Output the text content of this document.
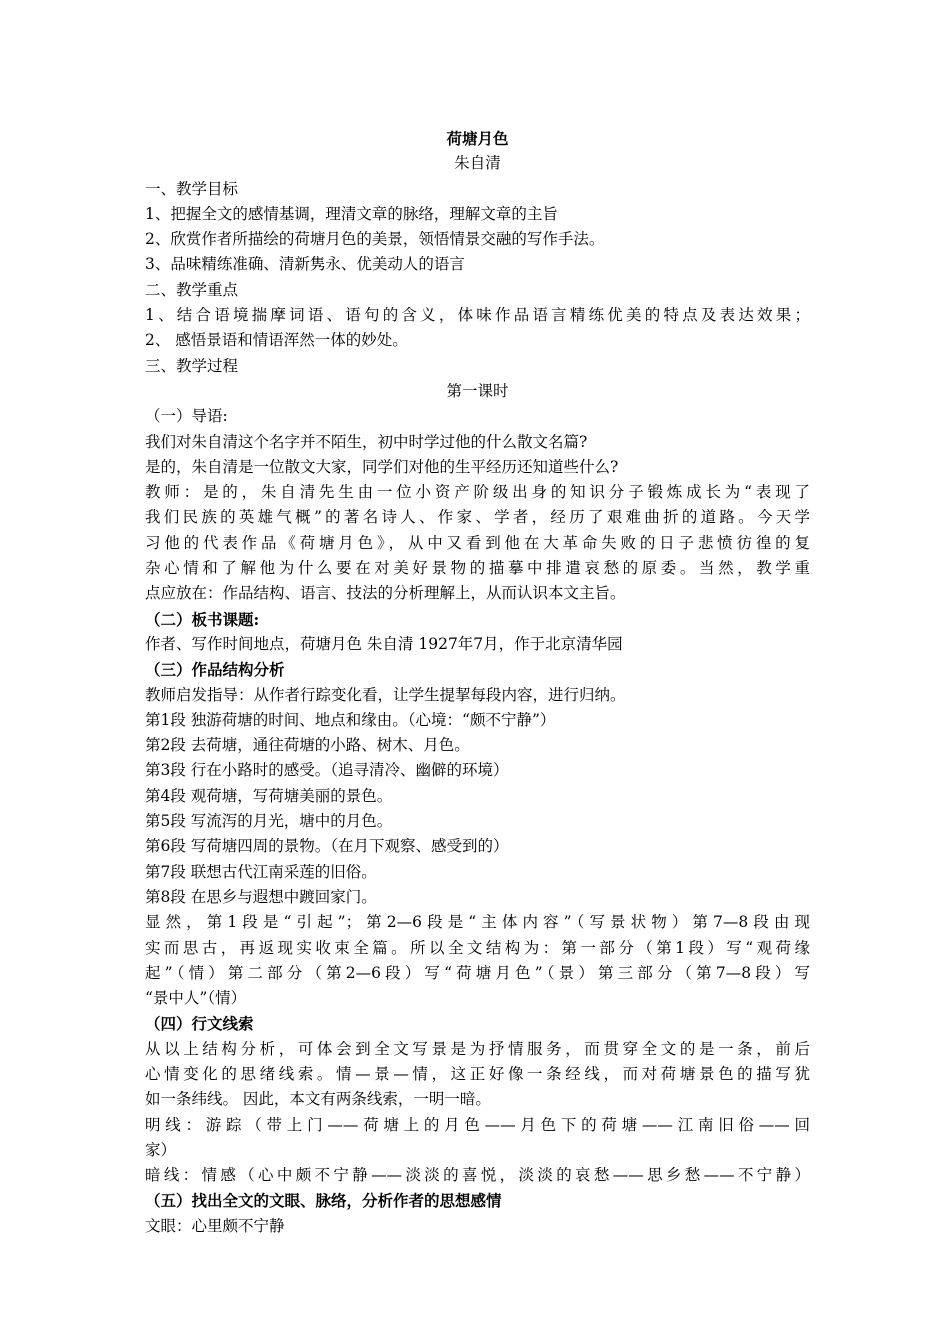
荷塘月色
朱自清
一、教学目标
1、把握全文的感情基调，理清文章的脉络，理解文章的主旨
2、欣赏作者所描绘的荷塘月色的美景，领悟情景交融的写作手法。
3、品味精练准确、清新隽永、优美动人的语言
二、教学重点
1、结合语境揣摩词语、语句的含义，体味作品语言精练优美的特点及表达效果；
2、 感悟景语和情语浑然一体的妙处。
三、教学过程
第一课时
（一）导语:
我们对朱自清这个名字并不陌生，初中时学过他的什么散文名篇?
是的，朱自清是一位散文大家，同学们对他的生平经历还知道些什么?
教师：是的，朱自清先生由一位小资产阶级出身的知识分子锻炼成长为“表现了
我们民族的英雄气概”的著名诗人、作家、学者，经历了艰难曲折的道路。今天学
习他的代表作品《荷塘月色》，从中又看到他在大革命失败的日子悲愤彷徨的复
杂心情和了解他为什么要在对美好景物的描摹中排遣哀愁的原委。当然，教学重
点应放在：作品结构、语言、技法的分析理解上，从而认识本文主旨。
（二）板书课题:
作者、写作时间地点，荷塘月色 朱自清 1927年7月，作于北京清华园
（三）作品结构分析
教师启发指导：从作者行踪变化看，让学生提挈每段内容，进行归纳。
第1段 独游荷塘的时间、地点和缘由。（心境：“颇不宁静”）
第2段 去荷塘，通往荷塘的小路、树木、月色。
第3段 行在小路时的感受。（追寻清冷、幽僻的环境）
第4段 观荷塘，写荷塘美丽的景色。
第5段 写流泻的月光，塘中的月色。
第6段 写荷塘四周的景物。（在月下观察、感受到的）
第7段 联想古代江南采莲的旧俗。
第8段 在思乡与遐想中踱回家门。
显然，第1段是“引起”；第2—6段是“主体内容”（写景状物）第7—8段由现
实而思古，再返现实收束全篇。所以全文结构为：第一部分（第1段）写“观荷缘
起”（情）第二部分（第2—6段）写“荷塘月色”（景）第三部分（第7—8段）写
“景中人”（情）
（四）行文线索
从以上结构分析，可体会到全文写景是为抒情服务，而贯穿全文的是一条，前后
心情变化的思绪线索。情—景—情，这正好像一条经线，而对荷塘景色的描写犹
如一条纬线。 因此，本文有两条线索，一明一暗。
明线：游踪（带上门——荷塘上的月色——月色下的荷塘——江南旧俗——回
家）
暗线：情感（心中颇不宁静——淡淡的喜悦，淡淡的哀愁——思乡愁——不宁静）
（五）找出全文的文眼、脉络，分析作者的思想感情
文眼：心里颇不宁静
